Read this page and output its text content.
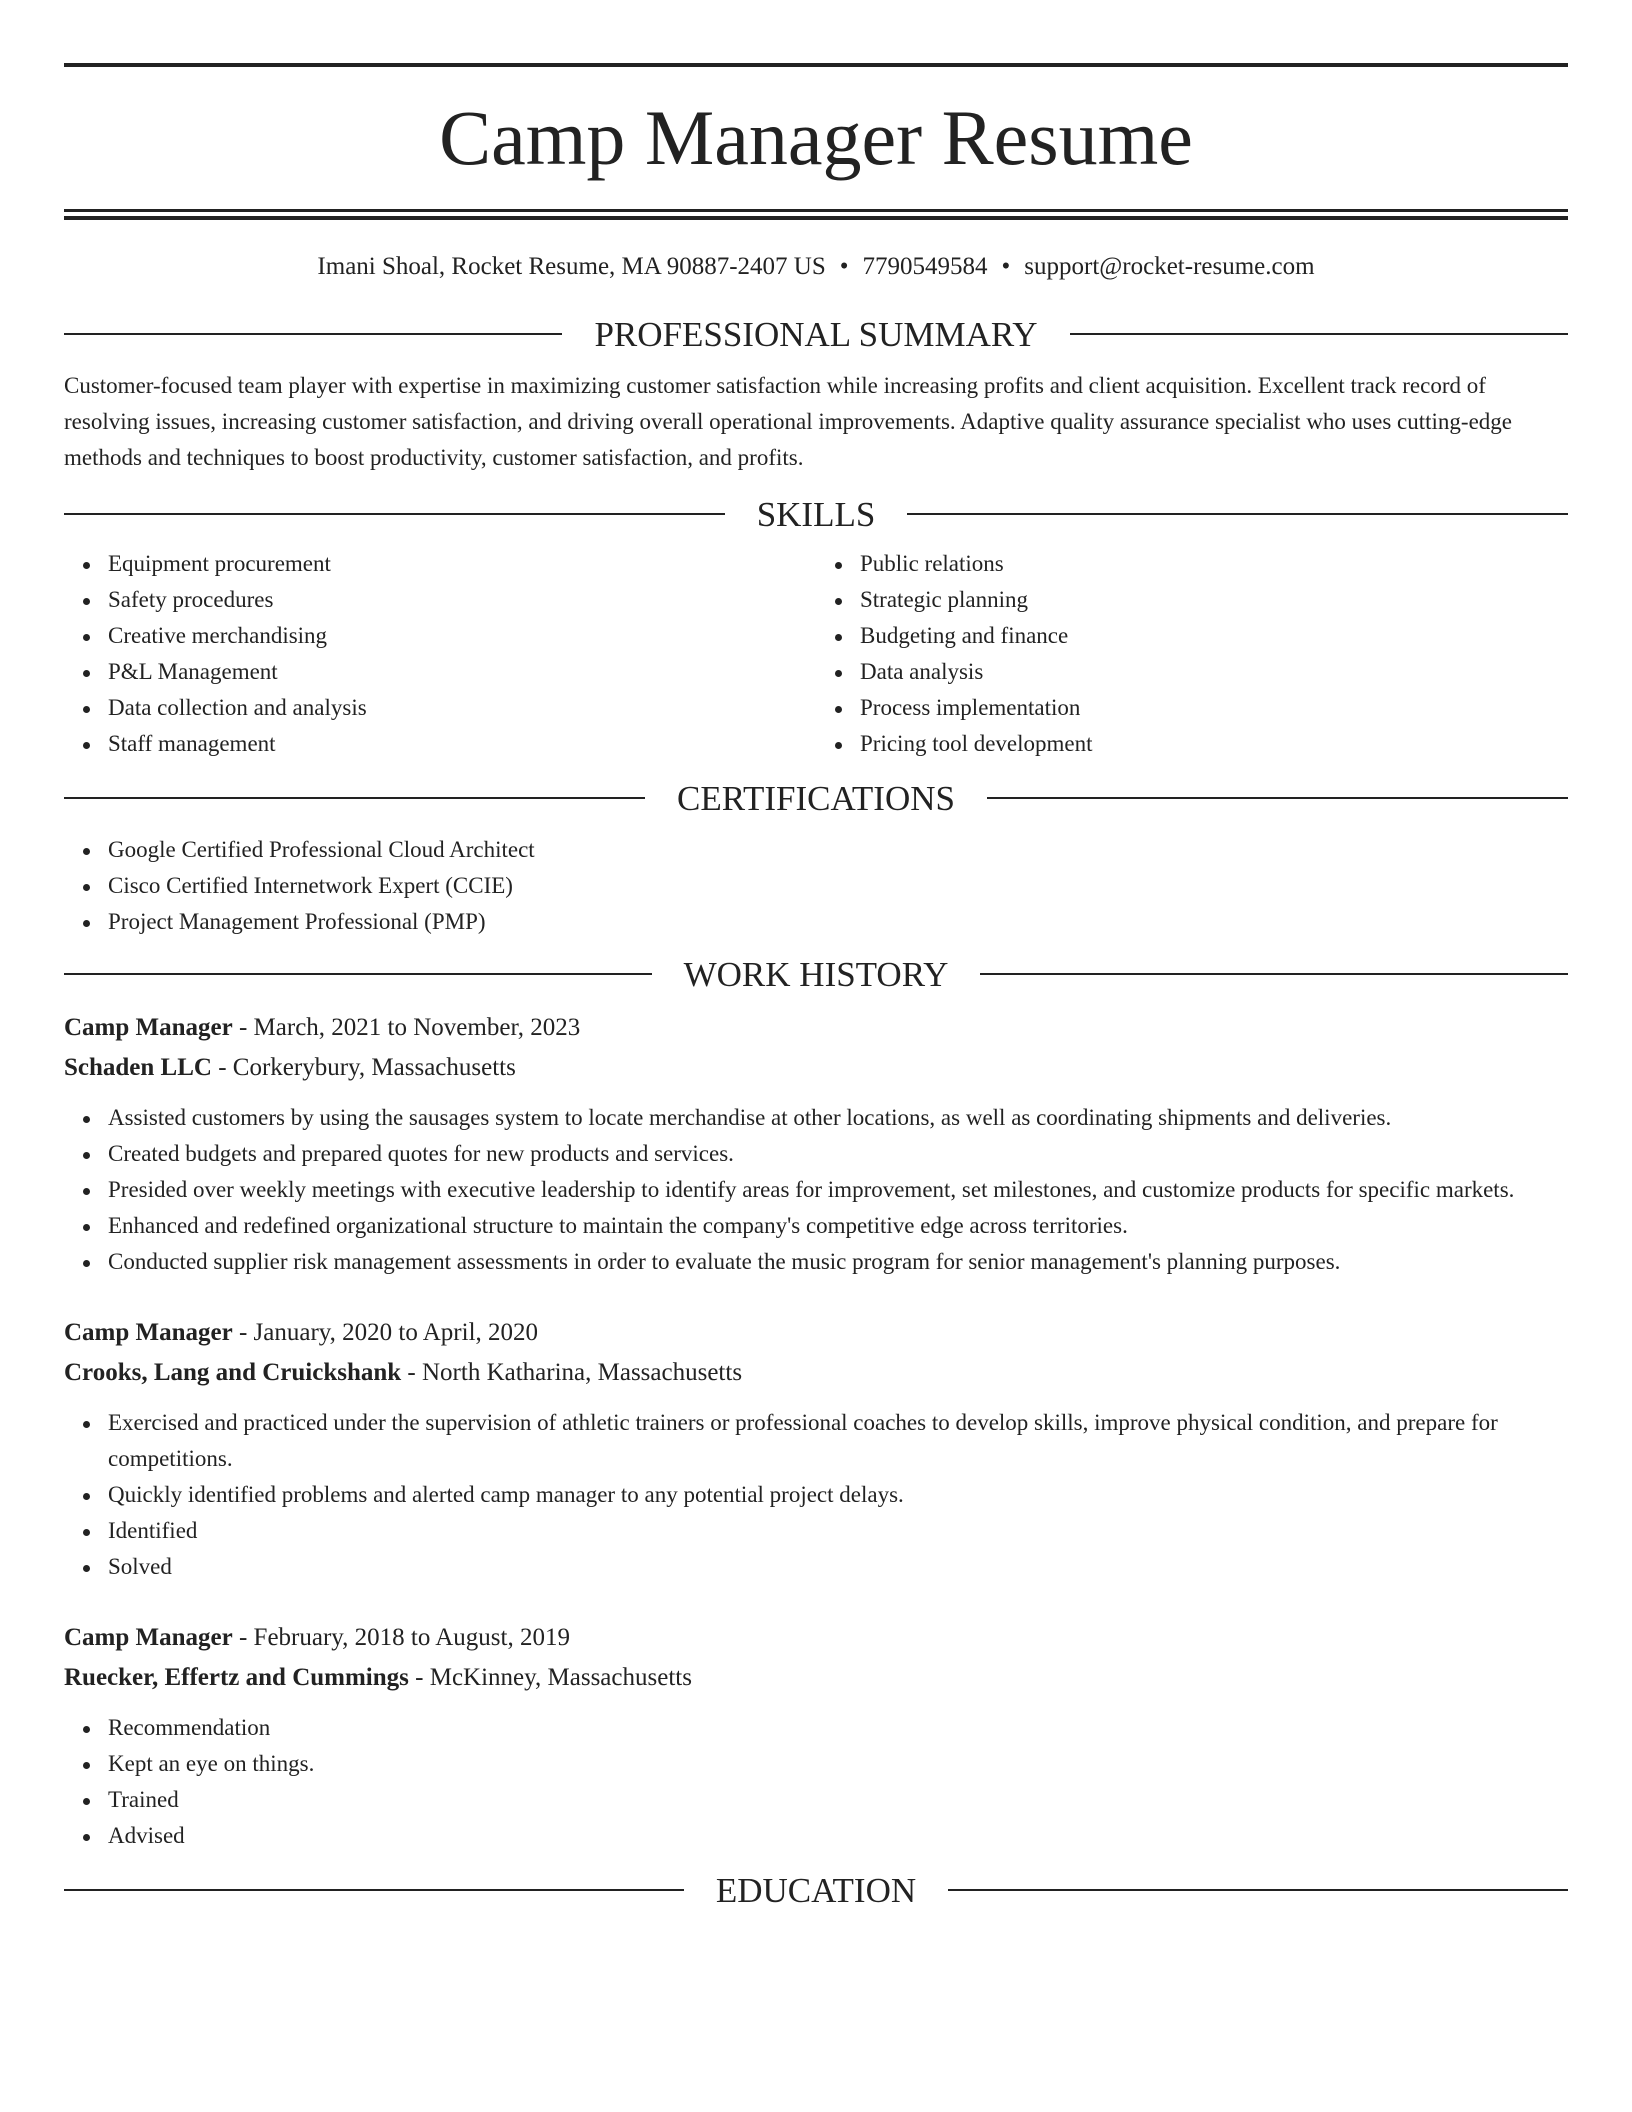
Camp Manager Resume
Imani Shoal, Rocket Resume, MA 90887-2407 US • 7790549584 • support@rocket-resume.com
PROFESSIONAL SUMMARY

Customer-focused team player with expertise in maximizing customer satisfaction while increasing profits and client acquisition. Excellent track record of resolving issues, increasing customer satisfaction, and driving overall operational improvements. Adaptive quality assurance specialist who uses cutting-edge methods and techniques to boost productivity, customer satisfaction, and profits.

SKILLS
Equipment procurement
Safety procedures
Creative merchandising
P&L Management
Data collection and analysis
Staff management
Public relations
Strategic planning
Budgeting and finance
Data analysis
Process implementation
Pricing tool development
CERTIFICATIONS
Google Certified Professional Cloud Architect
Cisco Certified Internetwork Expert (CCIE)
Project Management Professional (PMP)
WORK HISTORY
Camp Manager - March, 2021 to November, 2023
Schaden LLC - Corkerybury, Massachusetts
Assisted customers by using the sausages system to locate merchandise at other locations, as well as coordinating shipments and deliveries.
Created budgets and prepared quotes for new products and services.
Presided over weekly meetings with executive leadership to identify areas for improvement, set milestones, and customize products for specific markets.
Enhanced and redefined organizational structure to maintain the company's competitive edge across territories.
Conducted supplier risk management assessments in order to evaluate the music program for senior management's planning purposes.
Camp Manager - January, 2020 to April, 2020
Crooks, Lang and Cruickshank - North Katharina, Massachusetts
Exercised and practiced under the supervision of athletic trainers or professional coaches to develop skills, improve physical condition, and prepare for competitions.
Quickly identified problems and alerted camp manager to any potential project delays.
Identified
Solved
Camp Manager - February, 2018 to August, 2019
Ruecker, Effertz and Cummings - McKinney, Massachusetts
Recommendation
Kept an eye on things.
Trained
Advised
EDUCATION
